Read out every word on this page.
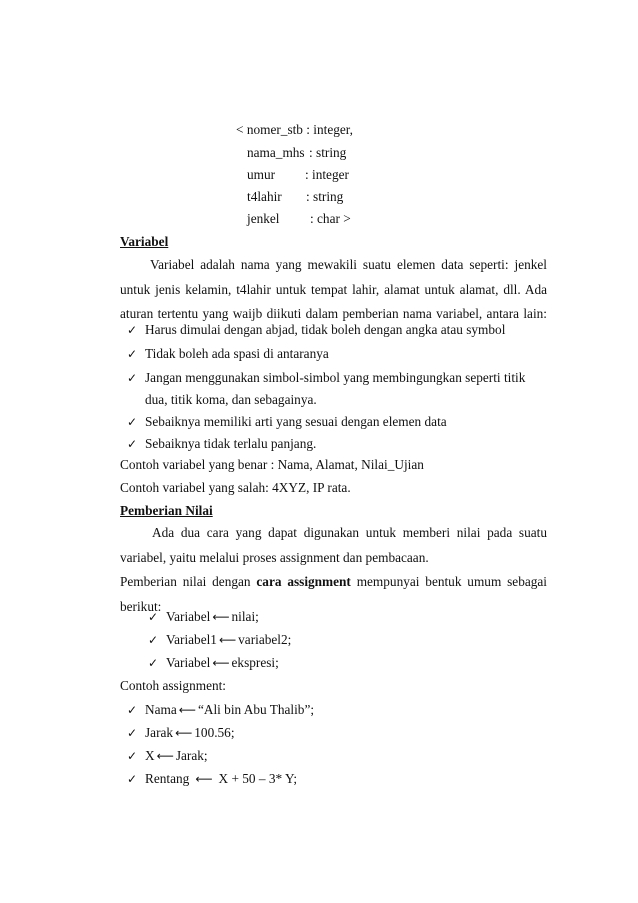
< nomer_stb : integer,
nama_mhs : string
umur : integer
t4lahir : string
jenkel : char >
Variabel
Variabel adalah nama yang mewakili suatu elemen data seperti: jenkel
untuk jenis kelamin, t4lahir untuk tempat lahir, alamat untuk alamat, dll. Ada
aturan tertentu yang waijb diikuti dalam pemberian nama variabel, antara lain:
✓ Harus dimulai dengan abjad, tidak boleh dengan angka atau symbol
✓ Tidak boleh ada spasi di antaranya
✓ Jangan menggunakan simbol-simbol yang membingungkan seperti titik
dua, titik koma, dan sebagainya.
✓ Sebaiknya memiliki arti yang sesuai dengan elemen data
✓ Sebaiknya tidak terlalu panjang.
Contoh variabel yang benar : Nama, Alamat, Nilai_Ujian
Contoh variabel yang salah: 4XYZ, IP rata.
Pemberian Nilai
Ada dua cara yang dapat digunakan untuk memberi nilai pada suatu
variabel, yaitu melalui proses assignment dan pembacaan.
Pemberian nilai dengan cara assignment mempunyai bentuk umum sebagai
berikut:
✓ Variabel ⟵ nilai;
✓ Variabel1 ⟵ variabel2;
✓ Variabel ⟵ ekspresi;
Contoh assignment:
✓ Nama ⟵ “Ali bin Abu Thalib”;
✓ Jarak ⟵ 100.56;
✓ X ⟵ Jarak;
✓ Rentang ⟵ X + 50 – 3* Y;
